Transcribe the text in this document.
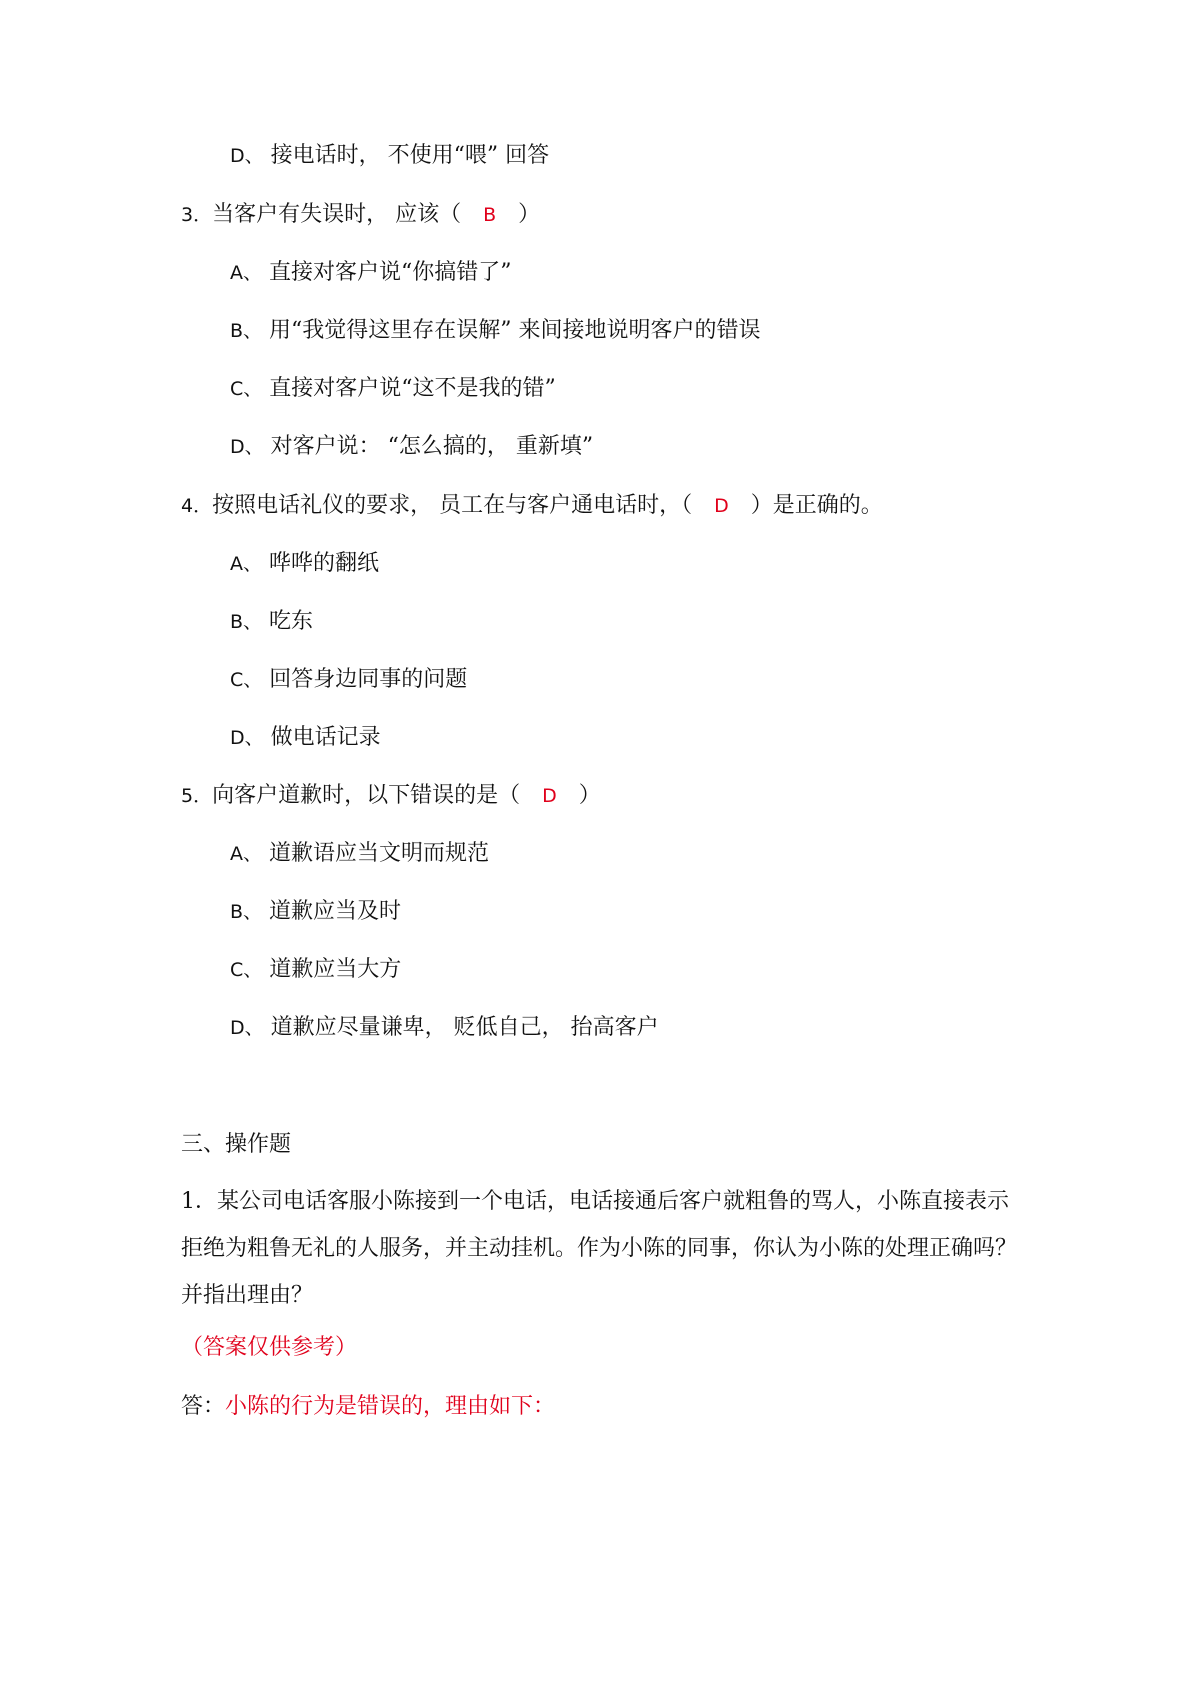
D、 接电话时， 不使用“喂” 回答
3．当客户有失误时， 应该（ B ）
A、 直接对客户说“你搞错了”
B、 用“我觉得这里存在误解” 来间接地说明客户的错误
C、 直接对客户说“这不是我的错”
D、 对客户说： “怎么搞的， 重新填”
4．按照电话礼仪的要求， 员工在与客户通电话时，（ D ）是正确的。
A、 哗哗的翻纸
B、 吃东
C、 回答身边同事的问题
D、 做电话记录
5．向客户道歉时，以下错误的是（ D ）
A、 道歉语应当文明而规范
B、 道歉应当及时
C、 道歉应当大方
D、 道歉应尽量谦卑， 贬低自己， 抬高客户
三、操作题
1．某公司电话客服小陈接到一个电话，电话接通后客户就粗鲁的骂人，小陈直接表示拒绝为粗鲁无礼的人服务，并主动挂机。作为小陈的同事，你认为小陈的处理正确吗？并指出理由？
（答案仅供参考）
答：小陈的行为是错误的，理由如下：
